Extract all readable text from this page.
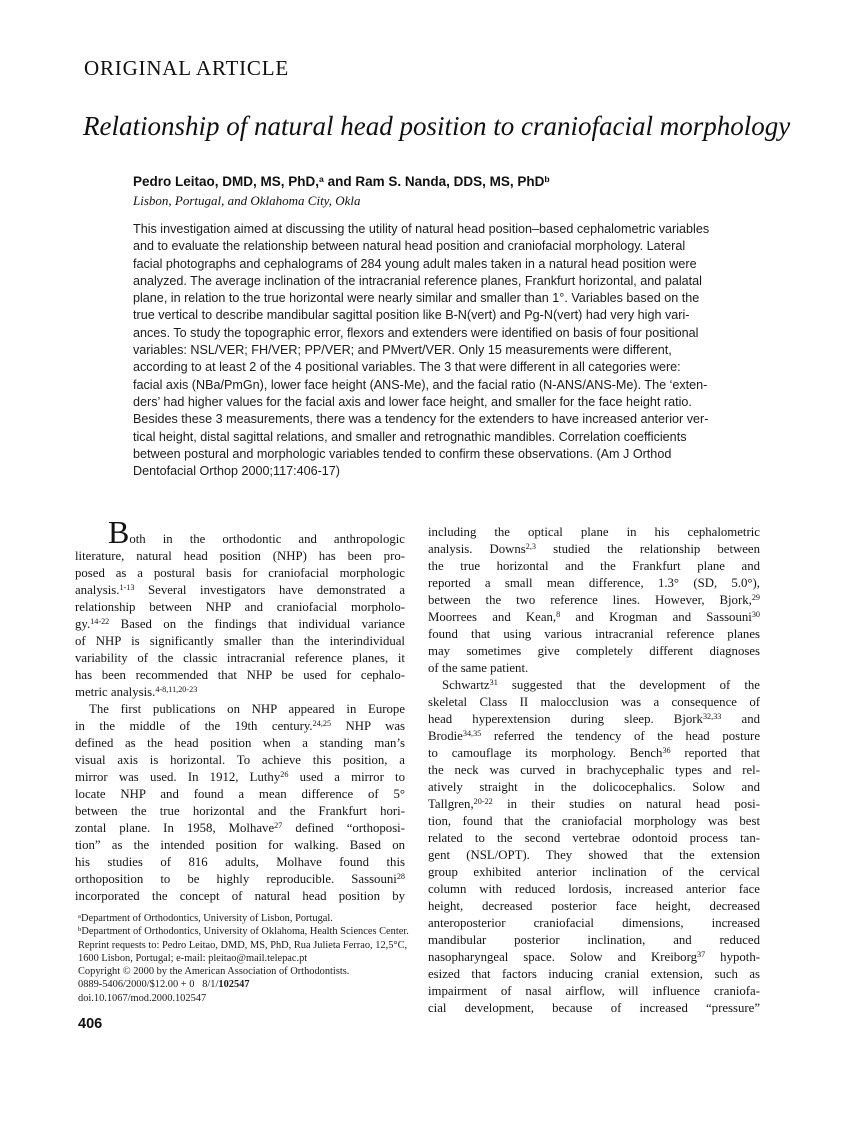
ORIGINAL ARTICLE
Relationship of natural head position to craniofacial morphology
Pedro Leitao, DMD, MS, PhD,$^a$ and Ram S. Nanda, DDS, MS, PhD$^b$
Lisbon, Portugal, and Oklahoma City, Okla
This investigation aimed at discussing the utility of natural head position–based cephalometric variables
and to evaluate the relationship between natural head position and craniofacial morphology. Lateral
facial photographs and cephalograms of 284 young adult males taken in a natural head position were
analyzed. The average inclination of the intracranial reference planes, Frankfurt horizontal, and palatal
plane, in relation to the true horizontal were nearly similar and smaller than 1°. Variables based on the
true vertical to describe mandibular sagittal position like B-N(vert) and Pg-N(vert) had very high vari-
ances. To study the topographic error, flexors and extenders were identified on basis of four positional
variables: NSL/VER; FH/VER; PP/VER; and PMvert/VER. Only 15 measurements were different,
according to at least 2 of the 4 positional variables. The 3 that were different in all categories were:
facial axis (NBa/PmGn), lower face height (ANS-Me), and the facial ratio (N-ANS/ANS-Me). The ‘exten-
ders’ had higher values for the facial axis and lower face height, and smaller for the face height ratio.
Besides these 3 measurements, there was a tendency for the extenders to have increased anterior ver-
tical height, distal sagittal relations, and smaller and retrognathic mandibles. Correlation coefficients
between postural and morphologic variables tended to confirm these observations. (Am J Orthod
Dentofacial Orthop 2000;117:406-17)
Both in the orthodontic and anthropologic
literature, natural head position (NHP) has been pro-
posed as a postural basis for craniofacial morphologic
analysis.$^{1-13}$ Several investigators have demonstrated a
relationship between NHP and craniofacial morpholo-
gy.$^{14-22}$ Based on the findings that individual variance
of NHP is significantly smaller than the interindividual
variability of the classic intracranial reference planes, it
has been recommended that NHP be used for cephalo-
metric analysis.$^{4-8,11,20-23}$
The first publications on NHP appeared in Europe
in the middle of the 19th century.$^{24,25}$ NHP was
defined as the head position when a standing man’s
visual axis is horizontal. To achieve this position, a
mirror was used. In 1912, Luthy$^{26}$ used a mirror to
locate NHP and found a mean difference of 5°
between the true horizontal and the Frankfurt hori-
zontal plane. In 1958, Molhave$^{27}$ defined “orthoposi-
tion” as the intended position for walking. Based on
his studies of 816 adults, Molhave found this
orthoposition to be highly reproducible. Sassouni$^{28}$
incorporated the concept of natural head position by
including the optical plane in his cephalometric
analysis. Downs$^{2,3}$ studied the relationship between
the true horizontal and the Frankfurt plane and
reported a small mean difference, 1.3° (SD, 5.0°),
between the two reference lines. However, Bjork,$^{29}$
Moorrees and Kean,$^8$ and Krogman and Sassouni$^{30}$
found that using various intracranial reference planes
may sometimes give completely different diagnoses
of the same patient.
Schwartz$^{31}$ suggested that the development of the
skeletal Class II malocclusion was a consequence of
head hyperextension during sleep. Bjork$^{32,33}$ and
Brodie$^{34,35}$ referred the tendency of the head posture
to camouflage its morphology. Bench$^{36}$ reported that
the neck was curved in brachycephalic types and rel-
atively straight in the dolicocephalics. Solow and
Tallgren,$^{20-22}$ in their studies on natural head posi-
tion, found that the craniofacial morphology was best
related to the second vertebrae odontoid process tan-
gent (NSL/OPT). They showed that the extension
group exhibited anterior inclination of the cervical
column with reduced lordosis, increased anterior face
height, decreased posterior face height, decreased
anteroposterior craniofacial dimensions, increased
mandibular posterior inclination, and reduced
nasopharyngeal space. Solow and Kreiborg$^{37}$ hypoth-
esized that factors inducing cranial extension, such as
impairment of nasal airflow, will influence craniofa-
cial development, because of increased “pressure”
$^a$Department of Orthodontics, University of Lisbon, Portugal.
$^b$Department of Orthodontics, University of Oklahoma, Health Sciences Center.
Reprint requests to: Pedro Leitao, DMD, MS, PhD, Rua Julieta Ferrao, 12,5°C,
1600 Lisbon, Portugal; e-mail: pleitao@mail.telepac.pt
Copyright © 2000 by the American Association of Orthodontists.
0889-5406/2000/$12.00 + 0   8/1/102547
doi.10.1067/mod.2000.102547
406
